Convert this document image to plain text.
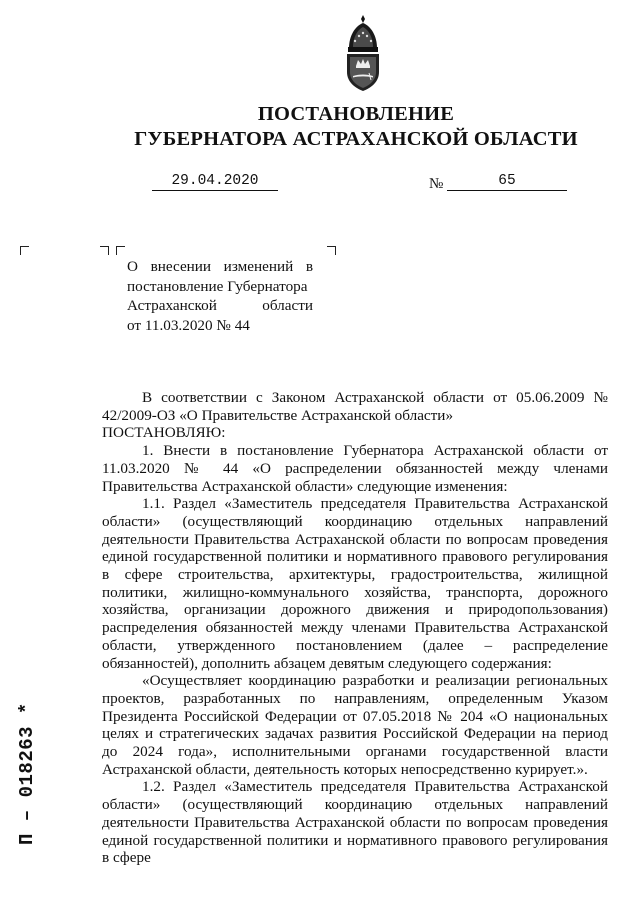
ПОСТАНОВЛЕНИЕ
ГУБЕРНАТОРА АСТРАХАНСКОЙ ОБЛАСТИ
29.04.2020	№	65
О внесении изменений в
постановление Губернатора
Астраханской области
от 11.03.2020 № 44

В соответствии с Законом Астраханской области от 05.06.2009 № 42/2009-ОЗ «О Правительстве Астраханской области»

ПОСТАНОВЛЯЮ:

1. Внести в постановление Губернатора Астраханской области от 11.03.2020 № 44 «О распределении обязанностей между членами Правительства Астраханской области» следующие изменения:

1.1. Раздел «Заместитель председателя Правительства Астраханской области» (осуществляющий координацию отдельных направлений деятельности Правительства Астраханской области по вопросам проведения единой государственной политики и нормативного правового регулирования в сфере строительства, архитектуры, градостроительства, жилищной политики, жилищно-коммунального хозяйства, транспорта, дорожного хозяйства, организации дорожного движения и природопользования) распределения обязанностей между членами Правительства Астраханской области, утвержденного постановлением (далее – распределение обязанностей), дополнить абзацем девятым следующего содержания:

«Осуществляет координацию разработки и реализации региональных проектов, разработанных по направлениям, определенным Указом Президента Российской Федерации от 07.05.2018 № 204 «О национальных целях и стратегических задачах развития Российской Федерации на период до 2024 года», исполнительными органами государственной власти Астраханской области, деятельность которых непосредственно курирует.».

1.2. Раздел «Заместитель председателя Правительства Астраханской области» (осуществляющий координацию отдельных направлений деятельности Правительства Астраханской области по вопросам проведения единой государственной политики и нормативного правового регулирования в сфере

П – 018263 *
